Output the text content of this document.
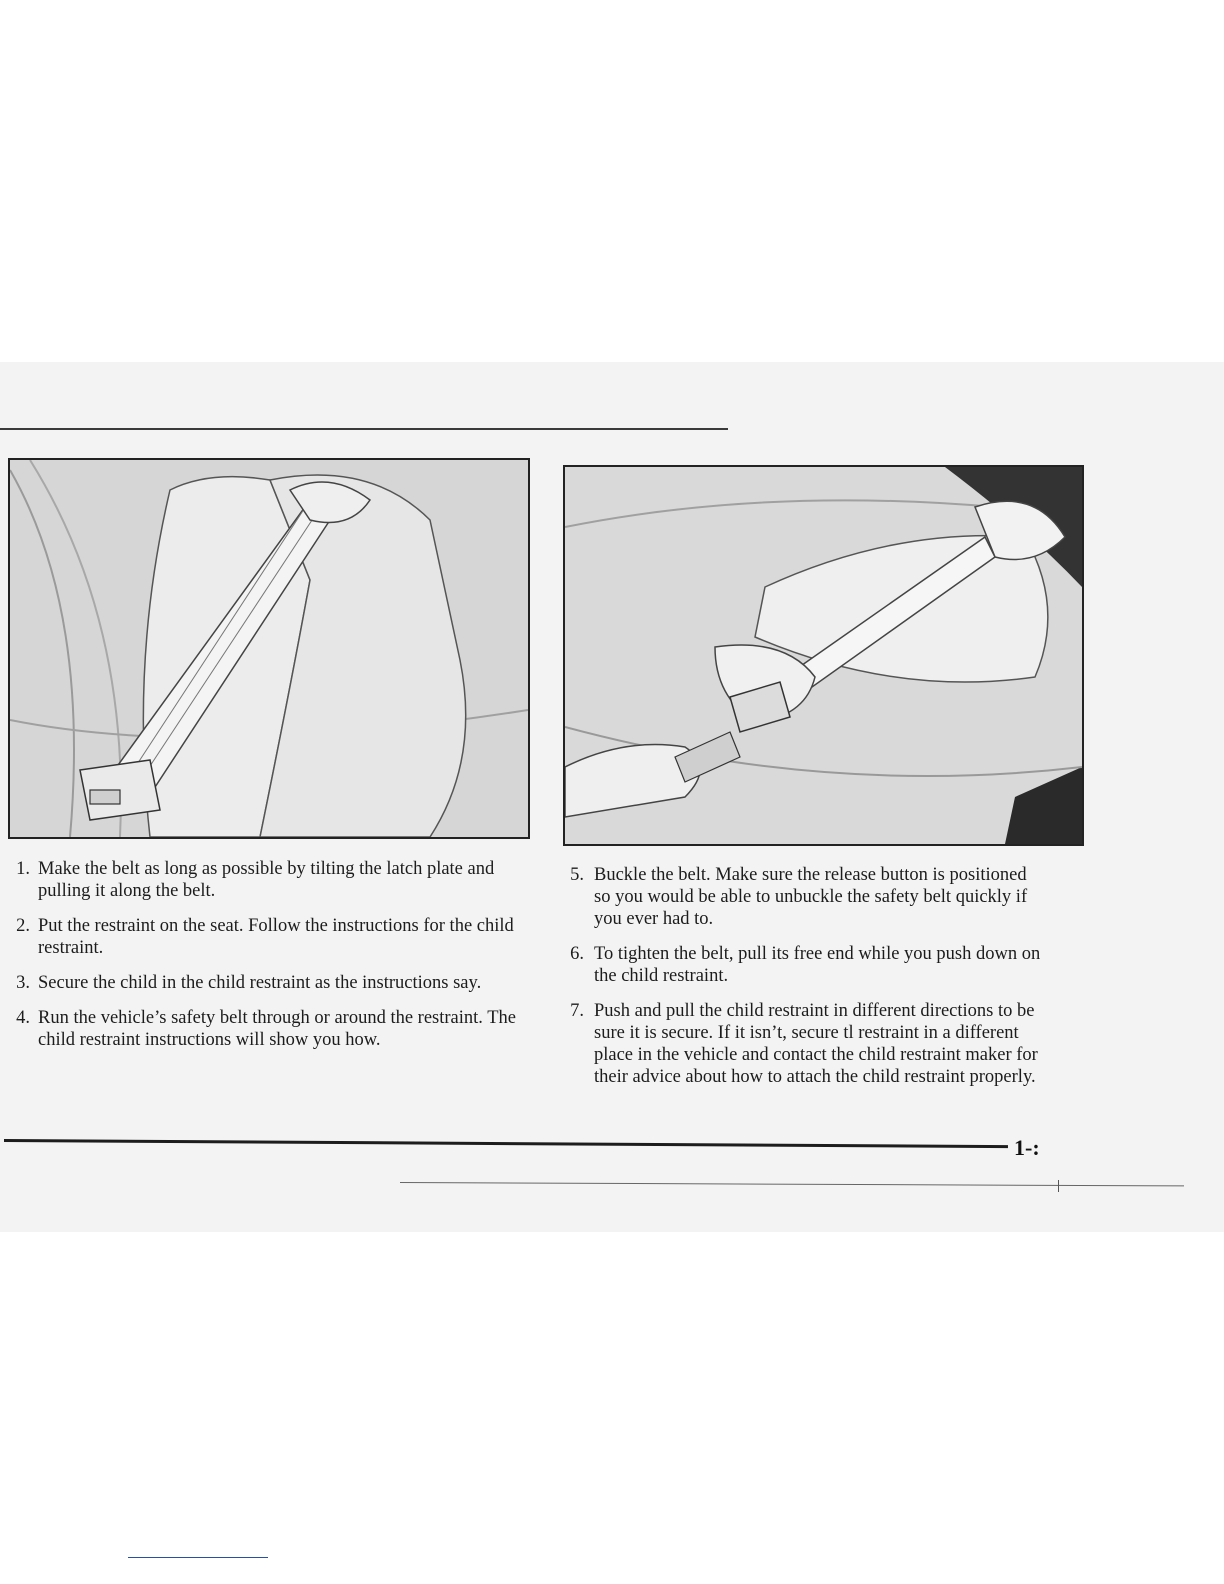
1. Make the belt as long as possible by tilting the latch plate and pulling it along the belt.
2. Put the restraint on the seat. Follow the instructions for the child restraint.
3. Secure the child in the child restraint as the instructions say.
4. Run the vehicle’s safety belt through or around the restraint. The child restraint instructions will show you how.
5. Buckle the belt. Make sure the release button is positioned so you would be able to unbuckle the safety belt quickly if you ever had to.
6. To tighten the belt, pull its free end while you push down on the child restraint.
7. Push and pull the child restraint in different directions to be sure it is secure. If it isn’t, secure tl restraint in a different place in the vehicle and contact the child restraint maker for their advice about how to attach the child restraint properly.
1-:
